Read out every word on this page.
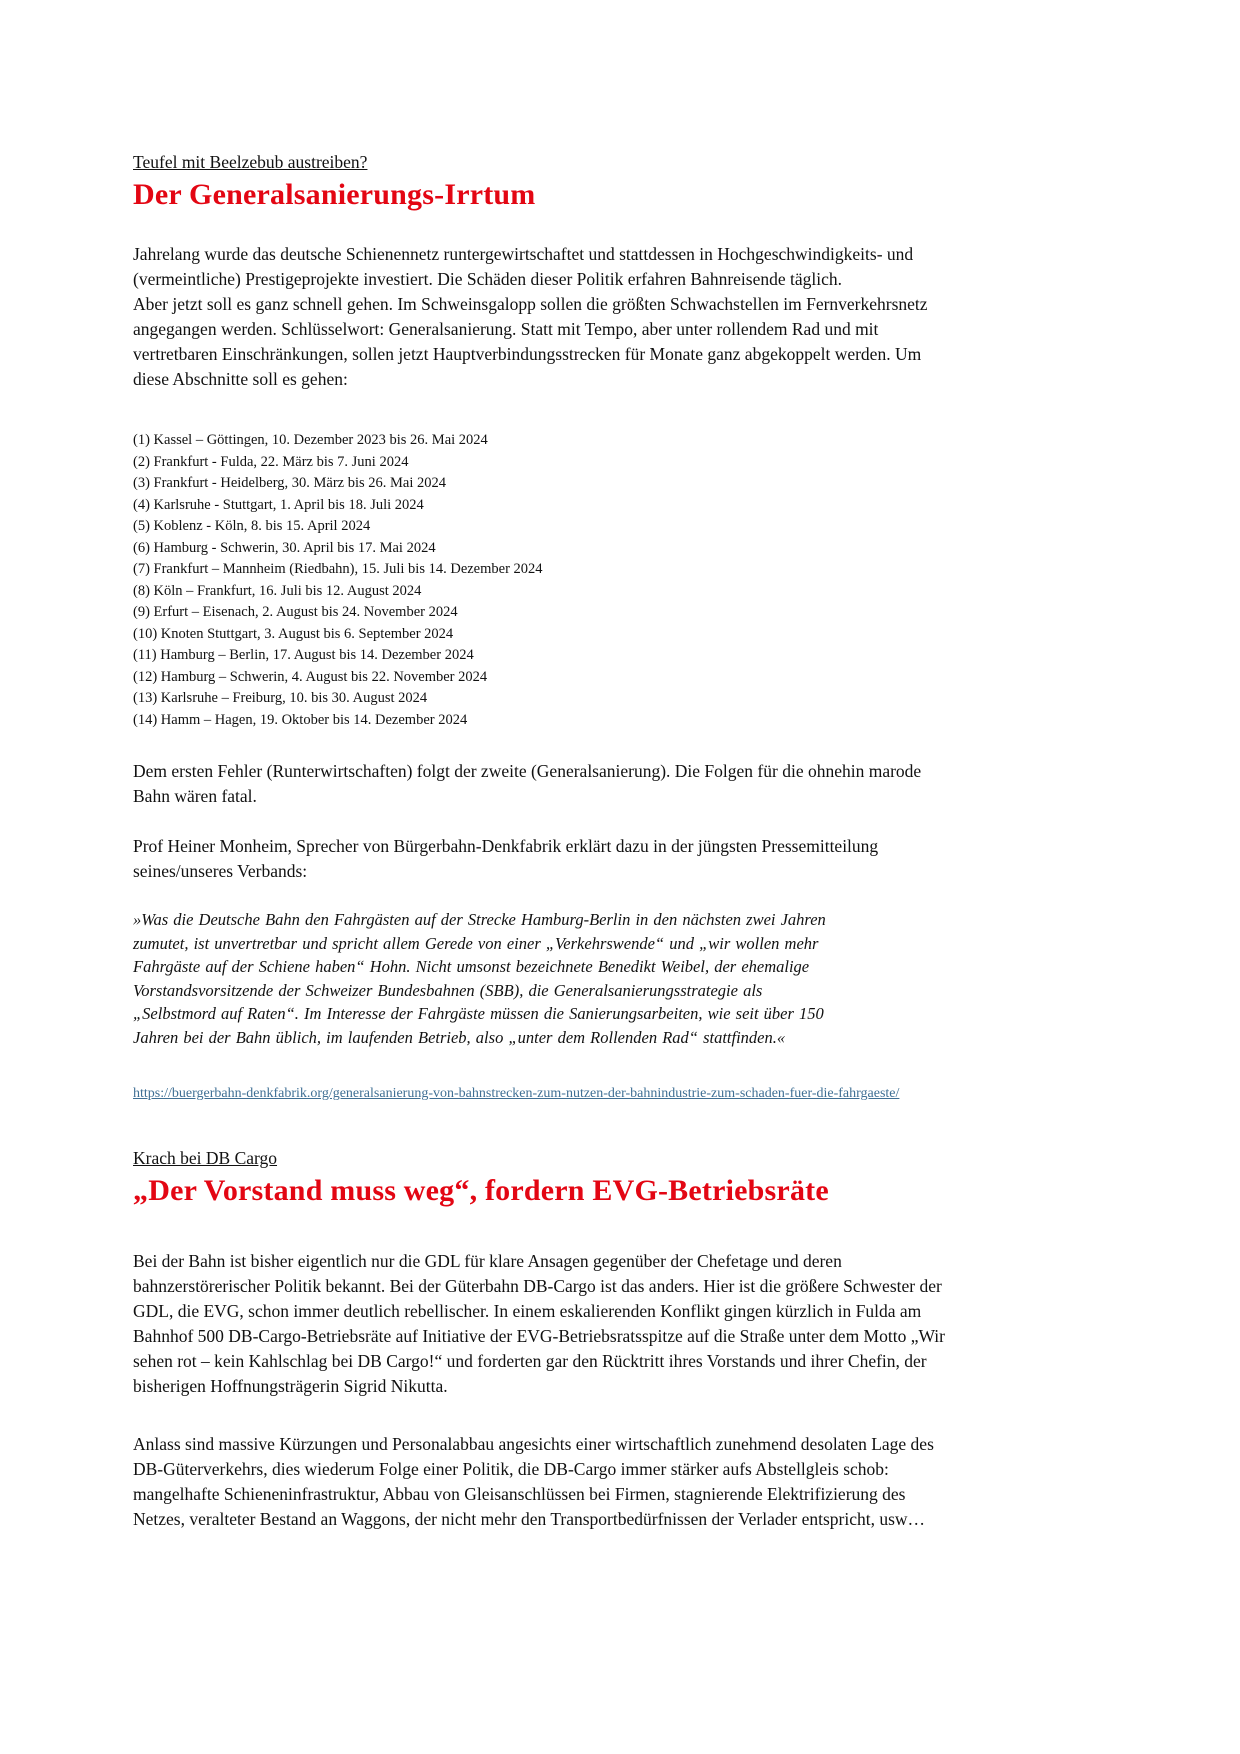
Teufel mit Beelzebub austreiben?
Der Generalsanierungs-Irrtum

Jahrelang wurde das deutsche Schienennetz runtergewirtschaftet und stattdessen in Hochgeschwindigkeits- und (vermeintliche) Prestigeprojekte investiert. Die Schäden dieser Politik erfahren Bahnreisende täglich.

Aber jetzt soll es ganz schnell gehen. Im Schweinsgalopp sollen die größten Schwachstellen im Fernverkehrsnetz angegangen werden. Schlüsselwort: Generalsanierung. Statt mit Tempo, aber unter rollendem Rad und mit vertretbaren Einschränkungen, sollen jetzt Hauptverbindungsstrecken für Monate ganz abgekoppelt werden. Um diese Abschnitte soll es gehen:

(1) Kassel – Göttingen, 10. Dezember 2023 bis 26. Mai 2024
(2) Frankfurt - Fulda, 22. März bis 7. Juni 2024
(3) Frankfurt - Heidelberg, 30. März bis 26. Mai 2024
(4) Karlsruhe - Stuttgart, 1. April bis 18. Juli 2024
(5) Koblenz - Köln, 8. bis 15. April 2024
(6) Hamburg - Schwerin, 30. April bis 17. Mai 2024
(7) Frankfurt – Mannheim (Riedbahn), 15. Juli bis 14. Dezember 2024
(8) Köln – Frankfurt, 16. Juli bis 12. August 2024
(9) Erfurt – Eisenach, 2. August bis 24. November 2024
(10) Knoten Stuttgart, 3. August bis 6. September 2024
(11) Hamburg – Berlin, 17. August bis 14. Dezember 2024
(12) Hamburg – Schwerin, 4. August bis 22. November 2024
(13) Karlsruhe – Freiburg, 10. bis 30. August 2024
(14) Hamm – Hagen, 19. Oktober bis 14. Dezember 2024

Dem ersten Fehler (Runterwirtschaften) folgt der zweite (Generalsanierung). Die Folgen für die ohnehin marode Bahn wären fatal.

Prof Heiner Monheim, Sprecher von Bürgerbahn-Denkfabrik erklärt dazu in der jüngsten Pressemitteilung seines/unseres Verbands:

»Was die Deutsche Bahn den Fahrgästen auf der Strecke Hamburg-Berlin in den nächsten zwei Jahren zumutet, ist unvertretbar und spricht allem Gerede von einer „Verkehrswende“ und „wir wollen mehr Fahrgäste auf der Schiene haben“ Hohn. Nicht umsonst bezeichnete Benedikt Weibel, der ehemalige Vorstandsvorsitzende der Schweizer Bundesbahnen (SBB), die Generalsanierungsstrategie als „Selbstmord auf Raten“. Im Interesse der Fahrgäste müssen die Sanierungsarbeiten, wie seit über 150 Jahren bei der Bahn üblich, im laufenden Betrieb, also „unter dem Rollenden Rad“ stattfinden.«
https://buergerbahn-denkfabrik.org/generalsanierung-von-bahnstrecken-zum-nutzen-der-bahnindustrie-zum-schaden-fuer-die-fahrgaeste/
Krach bei DB Cargo
„Der Vorstand muss weg“, fordern EVG-Betriebsräte

Bei der Bahn ist bisher eigentlich nur die GDL für klare Ansagen gegenüber der Chefetage und deren bahnzerstörerischer Politik bekannt. Bei der Güterbahn DB-Cargo ist das anders. Hier ist die größere Schwester der GDL, die EVG, schon immer deutlich rebellischer. In einem eskalierenden Konflikt gingen kürzlich in Fulda am Bahnhof 500 DB-Cargo-Betriebsräte auf Initiative der EVG-Betriebsratsspitze auf die Straße unter dem Motto „Wir sehen rot – kein Kahlschlag bei DB Cargo!“ und forderten gar den Rücktritt ihres Vorstands und ihrer Chefin, der bisherigen Hoffnungsträgerin Sigrid Nikutta.

Anlass sind massive Kürzungen und Personalabbau angesichts einer wirtschaftlich zunehmend desolaten Lage des DB-Güterverkehrs, dies wiederum Folge einer Politik, die DB-Cargo immer stärker aufs Abstellgleis schob: mangelhafte Schieneninfrastruktur, Abbau von Gleisanschlüssen bei Firmen, stagnierende Elektrifizierung des Netzes, veralteter Bestand an Waggons, der nicht mehr den Transportbedürfnissen der Verlader entspricht, usw…
